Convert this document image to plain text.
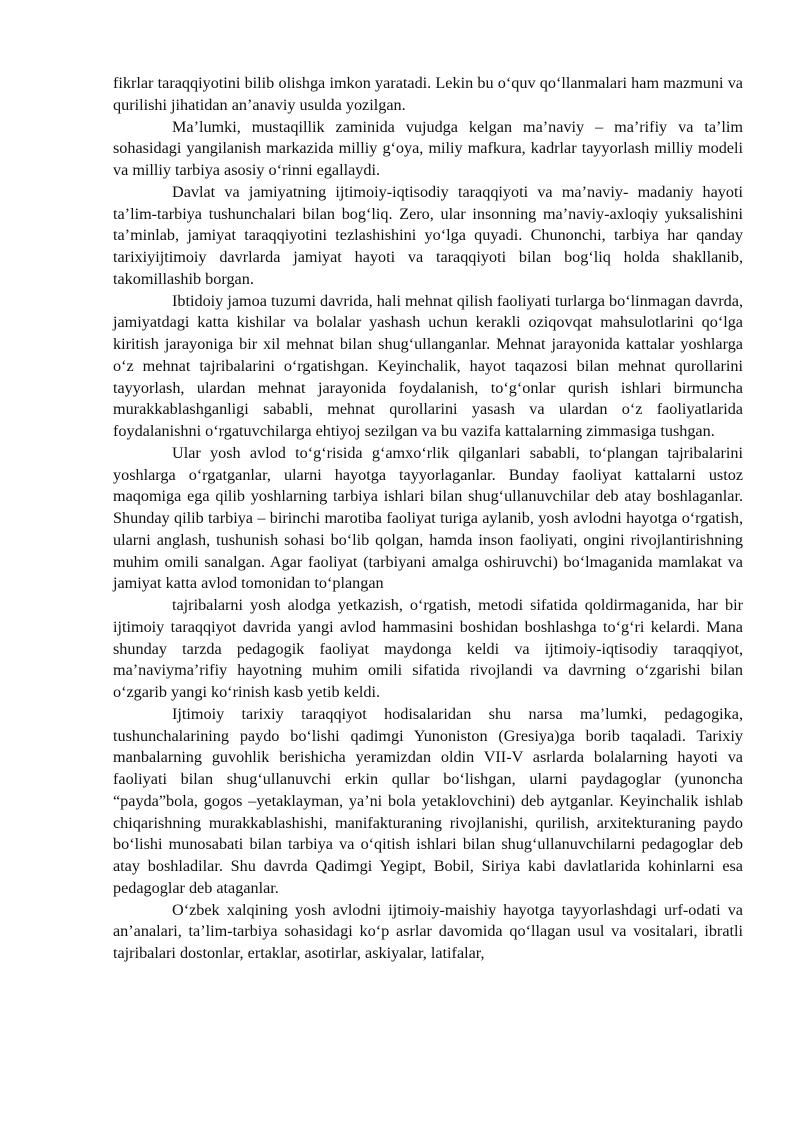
fikrlar taraqqiyotini bilib olishga imkon yaratadi. Lekin bu o‘quv qo‘llanmalari ham mazmuni va qurilishi jihatidan an’anaviy usulda yozilgan.

Ma’lumki, mustaqillik zaminida vujudga kelgan ma’naviy – ma’rifiy va ta’lim sohasidagi yangilanish markazida milliy g‘oya, miliy mafkura, kadrlar tayyorlash milliy modeli va milliy tarbiya asosiy o‘rinni egallaydi.

Davlat va jamiyatning ijtimoiy-iqtisodiy taraqqiyoti va ma’naviy- madaniy hayoti ta’lim-tarbiya tushunchalari bilan bog‘liq. Zero, ular insonning ma’naviy-axloqiy yuksalishini ta’minlab, jamiyat taraqqiyotini tezlashishini yo‘lga quyadi. Chunonchi, tarbiya har qanday tarixiyijtimoiy davrlarda jamiyat hayoti va taraqqiyoti bilan bog‘liq holda shakllanib, takomillashib borgan.

Ibtidoiy jamoa tuzumi davrida, hali mehnat qilish faoliyati turlarga bo‘linmagan davrda, jamiyatdagi katta kishilar va bolalar yashash uchun kerakli oziqovqat mahsulotlarini qo‘lga kiritish jarayoniga bir xil mehnat bilan shug‘ullanganlar. Mehnat jarayonida kattalar yoshlarga o‘z mehnat tajribalarini o‘rgatishgan. Keyinchalik, hayot taqazosi bilan mehnat qurollarini tayyorlash, ulardan mehnat jarayonida foydalanish, to‘g‘onlar qurish ishlari birmuncha murakkablashganligi sababli, mehnat qurollarini yasash va ulardan o‘z faoliyatlarida foydalanishni o‘rgatuvchilarga ehtiyoj sezilgan va bu vazifa kattalarning zimmasiga tushgan.

Ular yosh avlod to‘g‘risida g‘amxo‘rlik qilganlari sababli, to‘plangan tajribalarini yoshlarga o‘rgatganlar, ularni hayotga tayyorlaganlar. Bunday faoliyat kattalarni ustoz maqomiga ega qilib yoshlarning tarbiya ishlari bilan shug‘ullanuvchilar deb atay boshlaganlar. Shunday qilib tarbiya – birinchi marotiba faoliyat turiga aylanib, yosh avlodni hayotga o‘rgatish, ularni anglash, tushunish sohasi bo‘lib qolgan, hamda inson faoliyati, ongini rivojlantirishning muhim omili sanalgan. Agar faoliyat (tarbiyani amalga oshiruvchi) bo‘lmaganida mamlakat va jamiyat katta avlod tomonidan to‘plangan

tajribalarni yosh alodga yetkazish, o‘rgatish, metodi sifatida qoldirmaganida, har bir ijtimoiy taraqqiyot davrida yangi avlod hammasini boshidan boshlashga to‘g‘ri kelardi. Mana shunday tarzda pedagogik faoliyat maydonga keldi va ijtimoiy-iqtisodiy taraqqiyot, ma’naviyma’rifiy hayotning muhim omili sifatida rivojlandi va davrning o‘zgarishi bilan o‘zgarib yangi ko‘rinish kasb yetib keldi.

Ijtimoiy tarixiy taraqqiyot hodisalaridan shu narsa ma’lumki, pedagogika, tushunchalarining paydo bo‘lishi qadimgi Yunoniston (Gresiya)ga borib taqaladi. Tarixiy manbalarning guvohlik berishicha yeramizdan oldin VII-V asrlarda bolalarning hayoti va faoliyati bilan shug‘ullanuvchi erkin qullar bo‘lishgan, ularni paydagoglar (yunoncha “payda”bola, gogos –yetaklayman, ya’ni bola yetaklovchini) deb aytganlar. Keyinchalik ishlab chiqarishning murakkablashishi, manifakturaning rivojlanishi, qurilish, arxitekturaning paydo bo‘lishi munosabati bilan tarbiya va o‘qitish ishlari bilan shug‘ullanuvchilarni pedagoglar deb atay boshladilar. Shu davrda Qadimgi Yegipt, Bobil, Siriya kabi davlatlarida kohinlarni esa pedagoglar deb ataganlar.

O‘zbek xalqining yosh avlodni ijtimoiy-maishiy hayotga tayyorlashdagi urf-odati va an’analari, ta’lim-tarbiya sohasidagi ko‘p asrlar davomida qo‘llagan usul va vositalari, ibratli tajribalari dostonlar, ertaklar, asotirlar, askiyalar, latifalar,
